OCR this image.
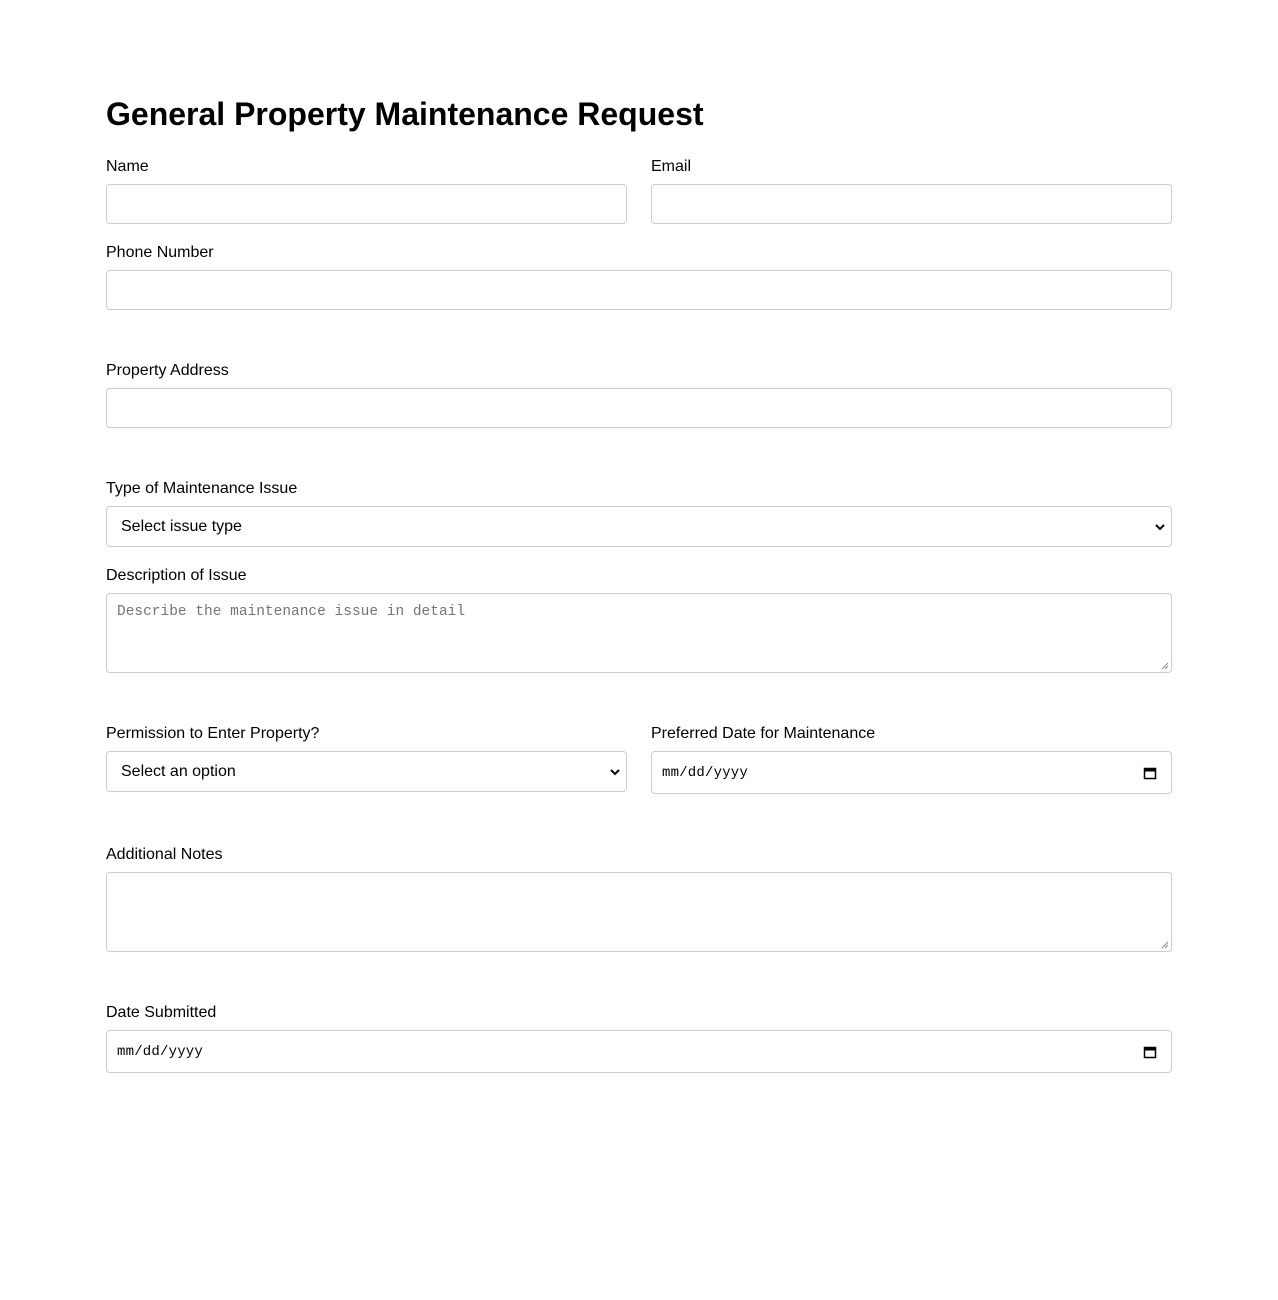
General Property Maintenance Request
Name	Email
Phone Number
Property Address
Type of Maintenance Issue
Select issue type
Description of Issue
Describe the maintenance issue in detail
Permission to Enter Property?
Select an option
Preferred Date for Maintenance
mm/dd/yyyy
Additional Notes
Date Submitted
mm/dd/yyyy
